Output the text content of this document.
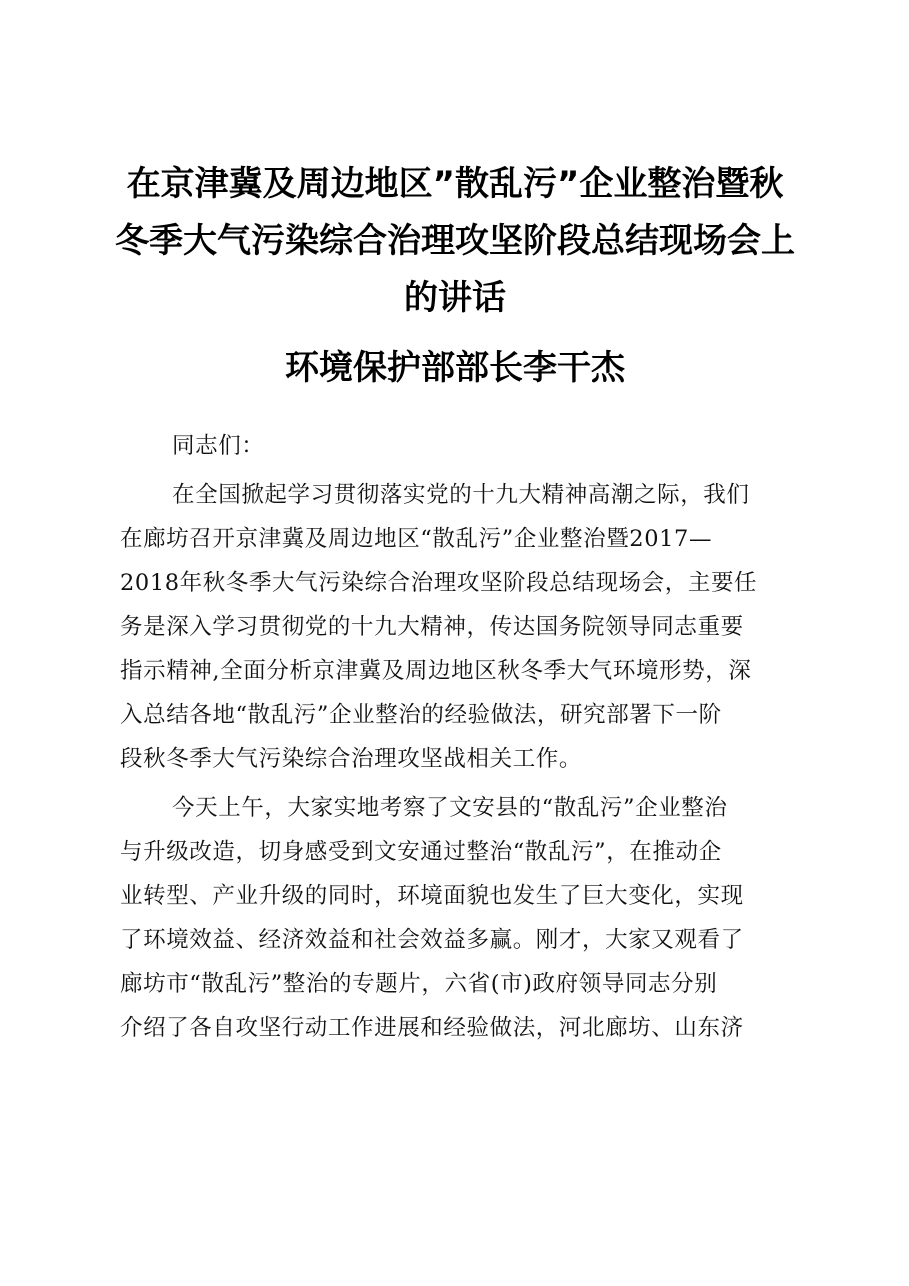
在京津冀及周边地区”散乱污”企业整治暨秋
冬季大气污染综合治理攻坚阶段总结现场会上
的讲话
环境保护部部长李干杰
同志们：
在全国掀起学习贯彻落实党的十九大精神高潮之际，我们
在廊坊召开京津冀及周边地区“散乱污”企业整治暨2017—
2018年秋冬季大气污染综合治理攻坚阶段总结现场会，主要任
务是深入学习贯彻党的十九大精神，传达国务院领导同志重要
指示精神,全面分析京津冀及周边地区秋冬季大气环境形势，深
入总结各地“散乱污”企业整治的经验做法，研究部署下一阶
段秋冬季大气污染综合治理攻坚战相关工作。
今天上午，大家实地考察了文安县的“散乱污”企业整治
与升级改造，切身感受到文安通过整治“散乱污”，在推动企
业转型、产业升级的同时，环境面貌也发生了巨大变化，实现
了环境效益、经济效益和社会效益多赢。刚才，大家又观看了
廊坊市“散乱污”整治的专题片，六省(市)政府领导同志分别
介绍了各自攻坚行动工作进展和经验做法，河北廊坊、山东济
